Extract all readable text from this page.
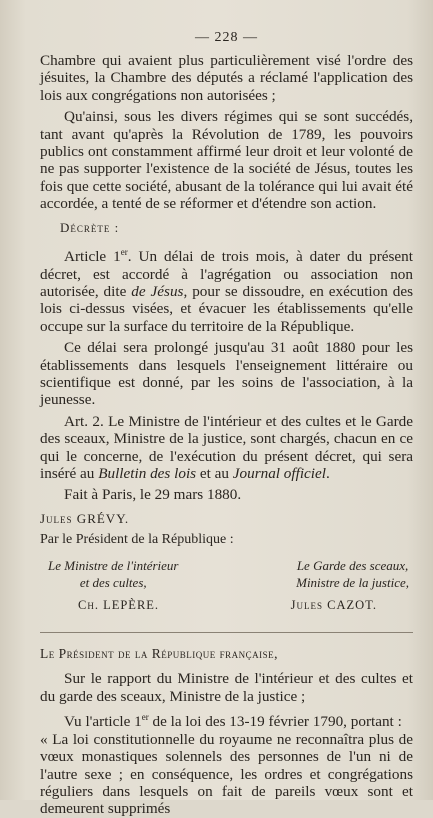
— 228 —

Chambre qui avaient plus particulièrement visé l'ordre des jésuites, la Chambre des députés a réclamé l'application des lois aux congrégations non autorisées ;

Qu'ainsi, sous les divers régimes qui se sont succédés, tant avant qu'après la Révolution de 1789, les pouvoirs publics ont constamment affirmé leur droit et leur volonté de ne pas supporter l'existence de la société de Jésus, toutes les fois que cette société, abusant de la tolérance qui lui avait été accordée, a tenté de se réformer et d'étendre son action.

Décrète :

Article 1er. Un délai de trois mois, à dater du présent décret, est accordé à l'agrégation ou association non autorisée, dite de Jésus, pour se dissoudre, en exécution des lois ci-dessus visées, et évacuer les établissements qu'elle occupe sur la surface du territoire de la République.

Ce délai sera prolongé jusqu'au 31 août 1880 pour les établissements dans lesquels l'enseignement littéraire ou scientifique est donné, par les soins de l'association, à la jeunesse.

Art. 2. Le Ministre de l'intérieur et des cultes et le Garde des sceaux, Ministre de la justice, sont chargés, chacun en ce qui le concerne, de l'exécution du présent décret, qui sera inséré au Bulletin des lois et au Journal officiel.

Fait à Paris, le 29 mars 1880.

Jules GRÉVY.

Par le Président de la République :

Le Ministre de l'intérieur
et des cultes,
Le Garde des sceaux,
Ministre de la justice,
Ch. LEPÈRE.	Jules CAZOT.

Le Président de la République française,

Sur le rapport du Ministre de l'intérieur et des cultes et du garde des sceaux, Ministre de la justice ;

Vu l'article 1er de la loi des 13-19 février 1790, portant :

« La loi constitutionnelle du royaume ne reconnaîtra plus de vœux monastiques solennels des personnes de l'un ni de l'autre sexe ; en conséquence, les ordres et congrégations réguliers dans lesquels on fait de pareils vœux sont et demeurent supprimés
